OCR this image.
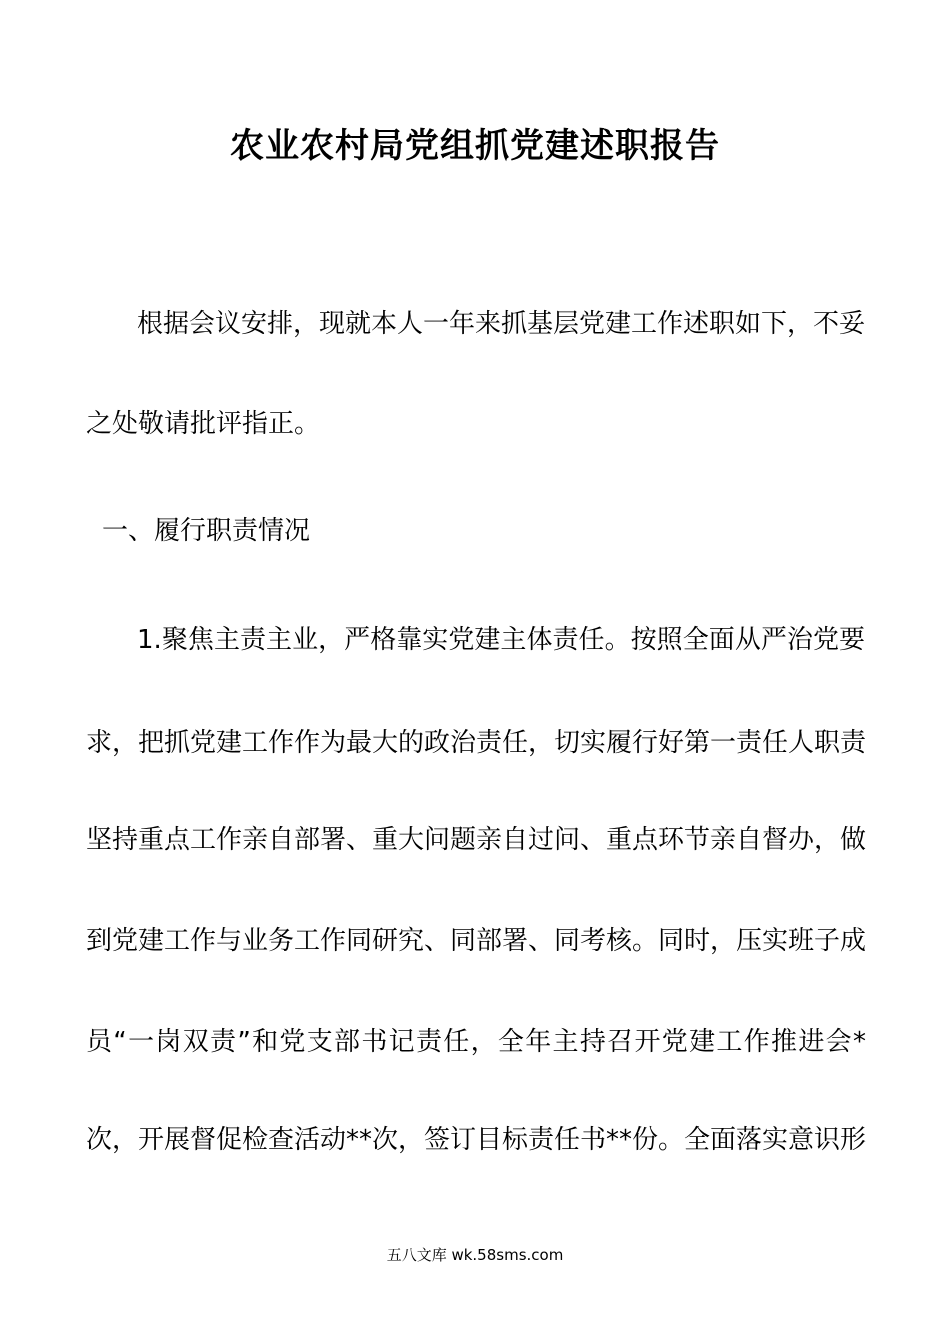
农业农村局党组抓党建述职报告
根据会议安排，现就本人一年来抓基层党建工作述职如下，不妥
之处敬请批评指正。
一、履行职责情况
1.聚焦主责主业，严格靠实党建主体责任。按照全面从严治党要
求，把抓党建工作作为最大的政治责任，切实履行好第一责任人职责
坚持重点工作亲自部署、重大问题亲自过问、重点环节亲自督办，做
到党建工作与业务工作同研究、同部署、同考核。同时，压实班子成
员“一岗双责”和党支部书记责任，全年主持召开党建工作推进会*
次，开展督促检查活动**次，签订目标责任书**份。全面落实意识形
五八文库 wk.58sms.com
